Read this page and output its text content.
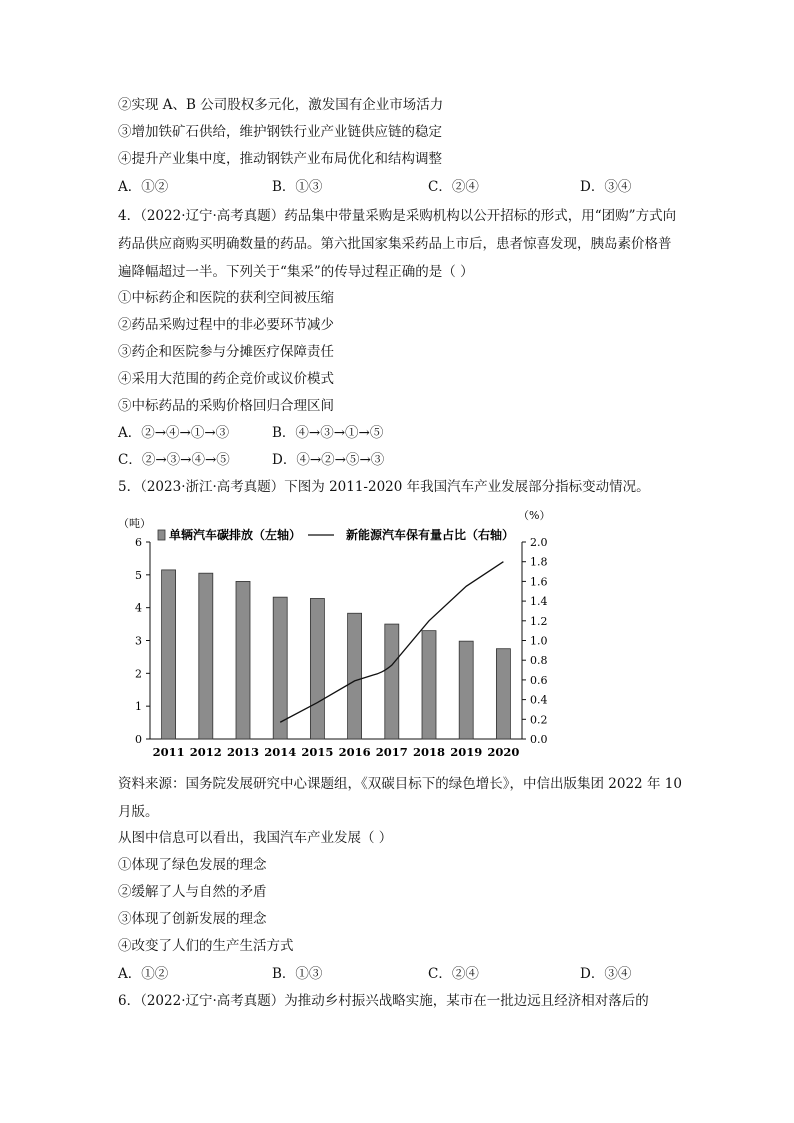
②实现 A、B 公司股权多元化，激发国有企业市场活力
③增加铁矿石供给，维护钢铁行业产业链供应链的稳定
④提升产业集中度，推动钢铁产业布局优化和结构调整
A．①②	B．①③	C．②④	D．③④
4．（2022·辽宁·高考真题）药品集中带量采购是采购机构以公开招标的形式，用“团购”方式向药品供应商购买明确数量的药品。第六批国家集采药品上市后，患者惊喜发现，胰岛素价格普遍降幅超过一半。下列关于“集采”的传导过程正确的是（ ）
①中标药企和医院的获利空间被压缩
②药品采购过程中的非必要环节减少
③药企和医院参与分摊医疗保障责任
④采用大范围的药企竞价或议价模式
⑤中标药品的采购价格回归合理区间
A．②→④→①→③	B．④→③→①→⑤
C．②→③→④→⑤	D．④→②→⑤→③
5．（2023·浙江·高考真题）下图为 2011-2020 年我国汽车产业发展部分指标变动情况。
0
1
2
3
4
5
6
0.0
0.2
0.4
0.6
0.8
1.0
1.2
1.4
1.6
1.8
2.0
（吨）
（%）
2011 2012 2013 2014 2015 2016 2017 2018 2019 2020
单辆汽车碳排放（左轴）	新能源汽车保有量占比（右轴）
资料来源：国务院发展研究中心课题组，《双碳目标下的绿色增长》，中信出版集团 2022 年 10 月版。
从图中信息可以看出，我国汽车产业发展（ ）
①体现了绿色发展的理念
②缓解了人与自然的矛盾
③体现了创新发展的理念
④改变了人们的生产生活方式
A．①②	B．①③	C．②④	D．③④
6．（2022·辽宁·高考真题）为推动乡村振兴战略实施，某市在一批边远且经济相对落后的
